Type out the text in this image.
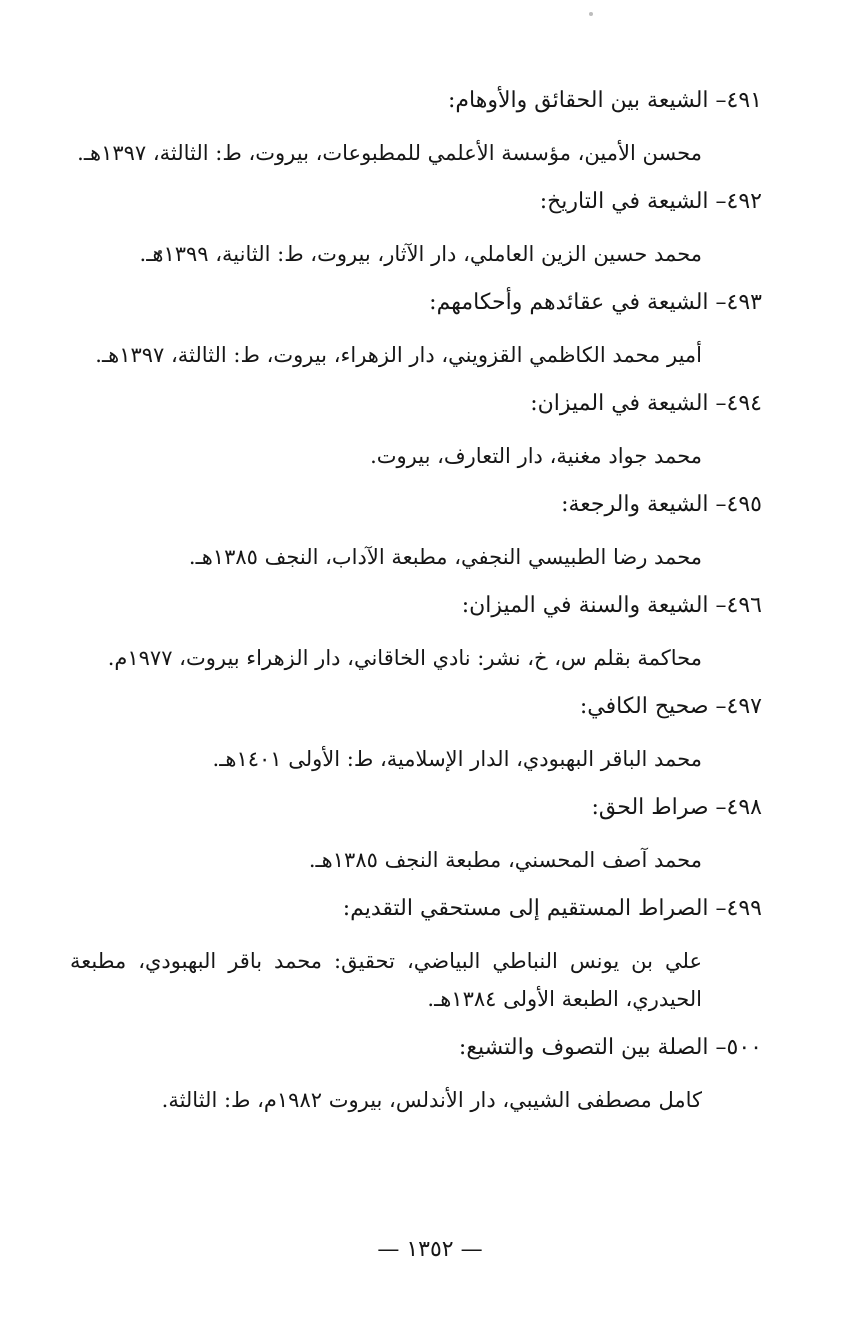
٤٩١– الشيعة بين الحقائق والأوهام:
محسن الأمين، مؤسسة الأعلمي للمطبوعات، بيروت، ط: الثالثة، ١٣٩٧هـ.
٤٩٢– الشيعة في التاريخ:
محمد حسين الزين العاملي، دار الآثار، بيروت، ط: الثانية، ١٣٩٩هـ.
٤٩٣– الشيعة في عقائدهم وأحكامهم:
أمير محمد الكاظمي القزويني، دار الزهراء، بيروت، ط: الثالثة، ١٣٩٧هـ.
٤٩٤– الشيعة في الميزان:
محمد جواد مغنية، دار التعارف، بيروت.
٤٩٥– الشيعة والرجعة:
محمد رضا الطبيسي النجفي، مطبعة الآداب، النجف ١٣٨٥هـ.
٤٩٦– الشيعة والسنة في الميزان:
محاكمة بقلم س، خ، نشر: نادي الخاقاني، دار الزهراء بيروت، ١٩٧٧م.
٤٩٧– صحيح الكافي:
محمد الباقر البهبودي، الدار الإسلامية، ط: الأولى ١٤٠١هـ.
٤٩٨– صراط الحق:
محمد آصف المحسني، مطبعة النجف ١٣٨٥هـ.
٤٩٩– الصراط المستقيم إلى مستحقي التقديم:
علي بن يونس النباطي البياضي، تحقيق: محمد باقر البهبودي، مطبعة الحيدري، الطبعة الأولى ١٣٨٤هـ.
٥٠٠– الصلة بين التصوف والتشيع:
كامل مصطفى الشيبي، دار الأندلس، بيروت ١٩٨٢م، ط: الثالثة.
— ١٣٥٢ —
